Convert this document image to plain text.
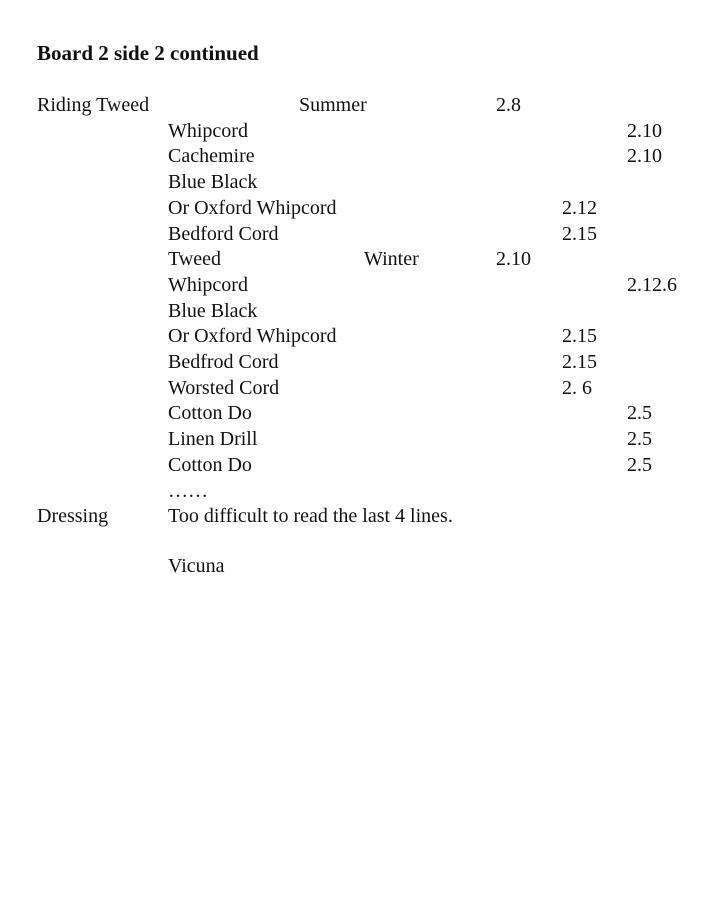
Board 2 side 2 continued
Riding Tweed	Summer	2.8
Whipcord	2.10
Cachemire	2.10
Blue Black
Or Oxford Whipcord	2.12
Bedford Cord	2.15
Tweed	Winter	2.10
Whipcord	2.12.6
Blue Black
Or Oxford Whipcord	2.15
Bedfrod Cord	2.15
Worsted Cord	2. 6
Cotton Do	2.5
Linen Drill	2.5
Cotton Do	2.5
……
Dressing	Too difficult to read the last 4 lines.
Vicuna
